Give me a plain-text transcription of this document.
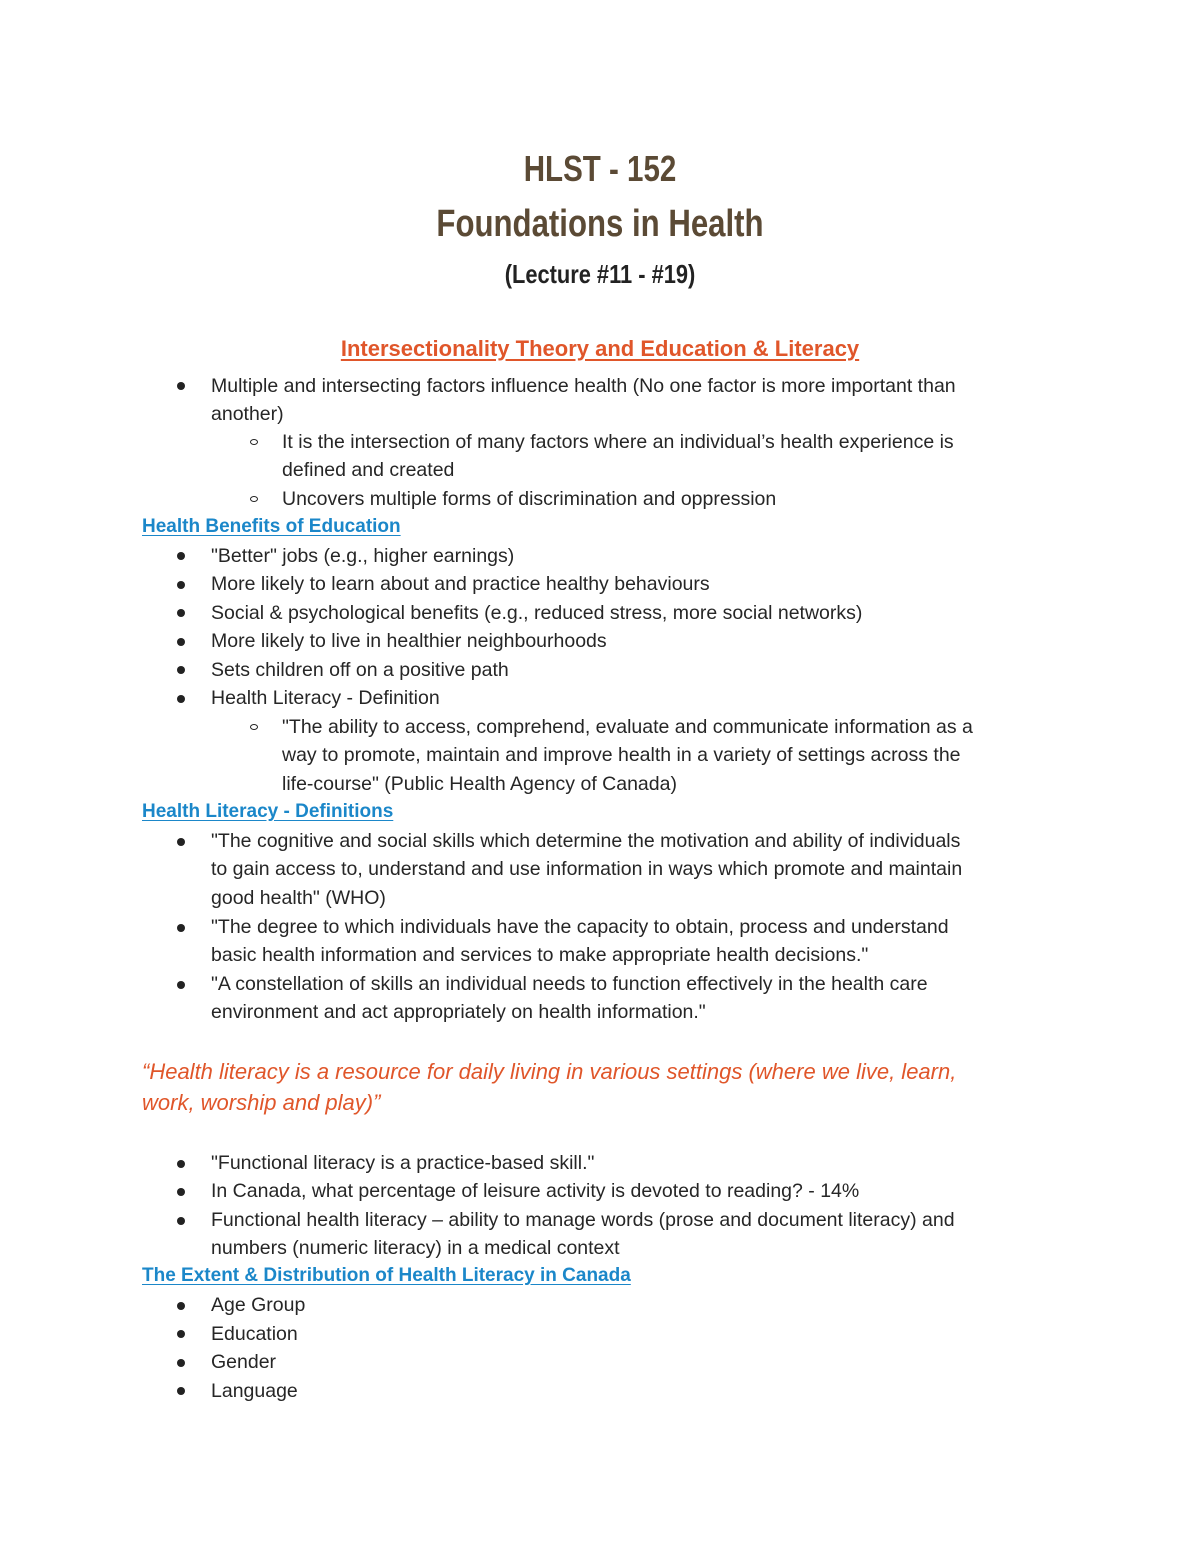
HLST - 152
Foundations in Health
(Lecture #11 - #19)
Intersectionality Theory and Education & Literacy
Multiple and intersecting factors influence health (No one factor is more important than
another)
It is the intersection of many factors where an individual’s health experience is
defined and created
Uncovers multiple forms of discrimination and oppression
Health Benefits of Education
"Better" jobs (e.g., higher earnings)
More likely to learn about and practice healthy behaviours
Social & psychological benefits (e.g., reduced stress, more social networks)
More likely to live in healthier neighbourhoods
Sets children off on a positive path
Health Literacy - Definition
"The ability to access, comprehend, evaluate and communicate information as a
way to promote, maintain and improve health in a variety of settings across the
life-course" (Public Health Agency of Canada)
Health Literacy - Definitions
"The cognitive and social skills which determine the motivation and ability of individuals
to gain access to, understand and use information in ways which promote and maintain
good health" (WHO)
"The degree to which individuals have the capacity to obtain, process and understand
basic health information and services to make appropriate health decisions."
"A constellation of skills an individual needs to function effectively in the health care
environment and act appropriately on health information."
“Health literacy is a resource for daily living in various settings (where we live, learn,
work, worship and play)”
"Functional literacy is a practice-based skill."
In Canada, what percentage of leisure activity is devoted to reading? - 14%
Functional health literacy – ability to manage words (prose and document literacy) and
numbers (numeric literacy) in a medical context
The Extent & Distribution of Health Literacy in Canada
Age Group
Education
Gender
Language
